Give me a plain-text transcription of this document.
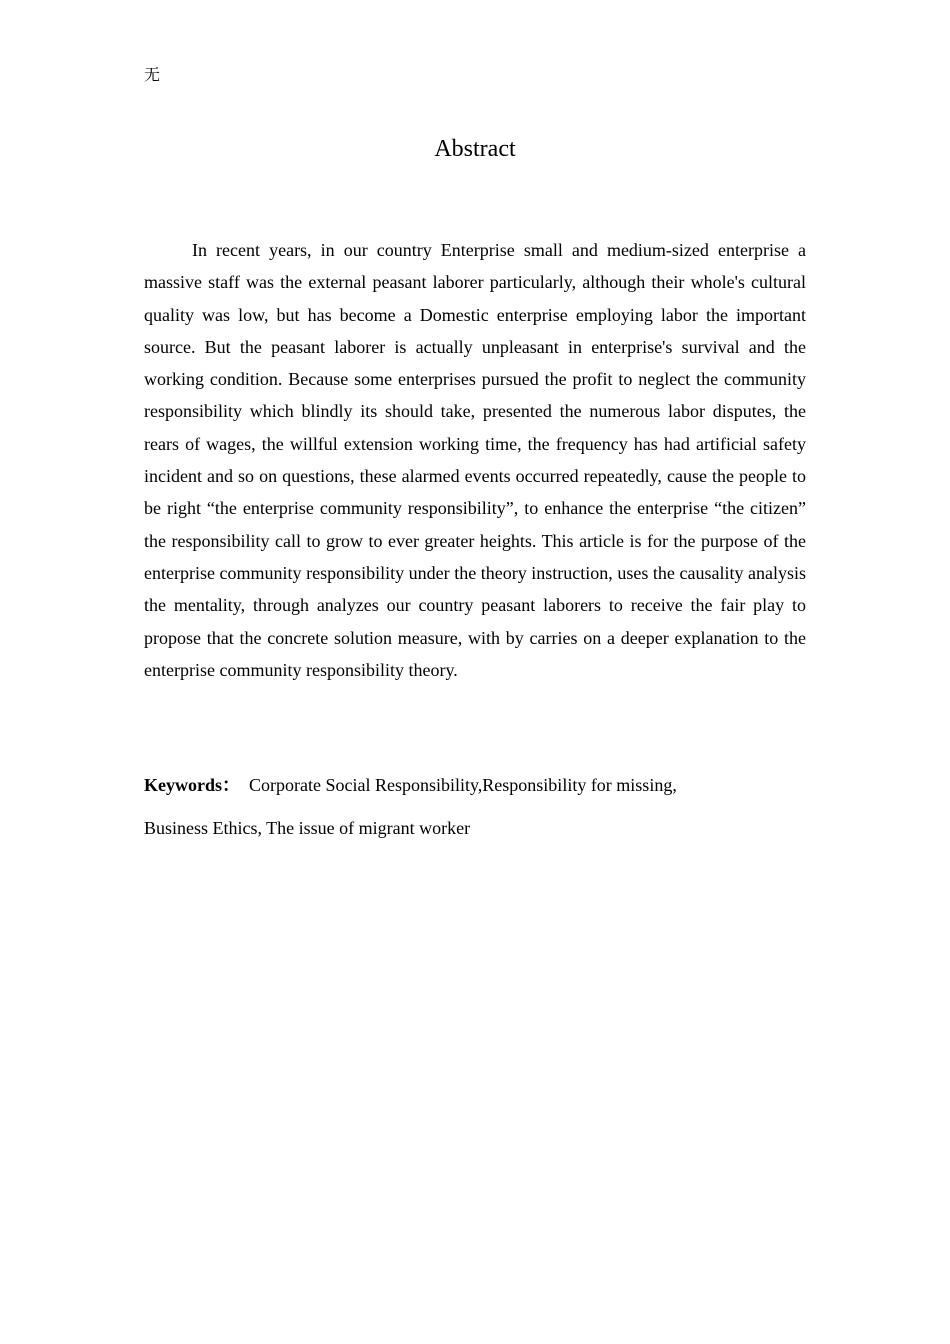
无
Abstract

In recent years, in our country Enterprise small and medium-sized enterprise a massive staff was the external peasant laborer particularly, although their whole's cultural quality was low, but has become a Domestic enterprise employing labor the important source. But the peasant laborer is actually unpleasant in enterprise's survival and the working condition. Because some enterprises pursued the profit to neglect the community responsibility which blindly its should take, presented the numerous labor disputes, the rears of wages, the willful extension working time, the frequency has had artificial safety incident and so on questions, these alarmed events occurred repeatedly, cause the people to be right “the enterprise community responsibility”, to enhance the enterprise “the citizen” the responsibility call to grow to ever greater heights. This article is for the purpose of the enterprise community responsibility under the theory instruction, uses the causality analysis the mentality, through analyzes our country peasant laborers to receive the fair play to propose that the concrete solution measure, with by carries on a deeper explanation to the enterprise community responsibility theory.

Keywords： Corporate Social Responsibility,Responsibility for missing,
Business Ethics, The issue of migrant worker
